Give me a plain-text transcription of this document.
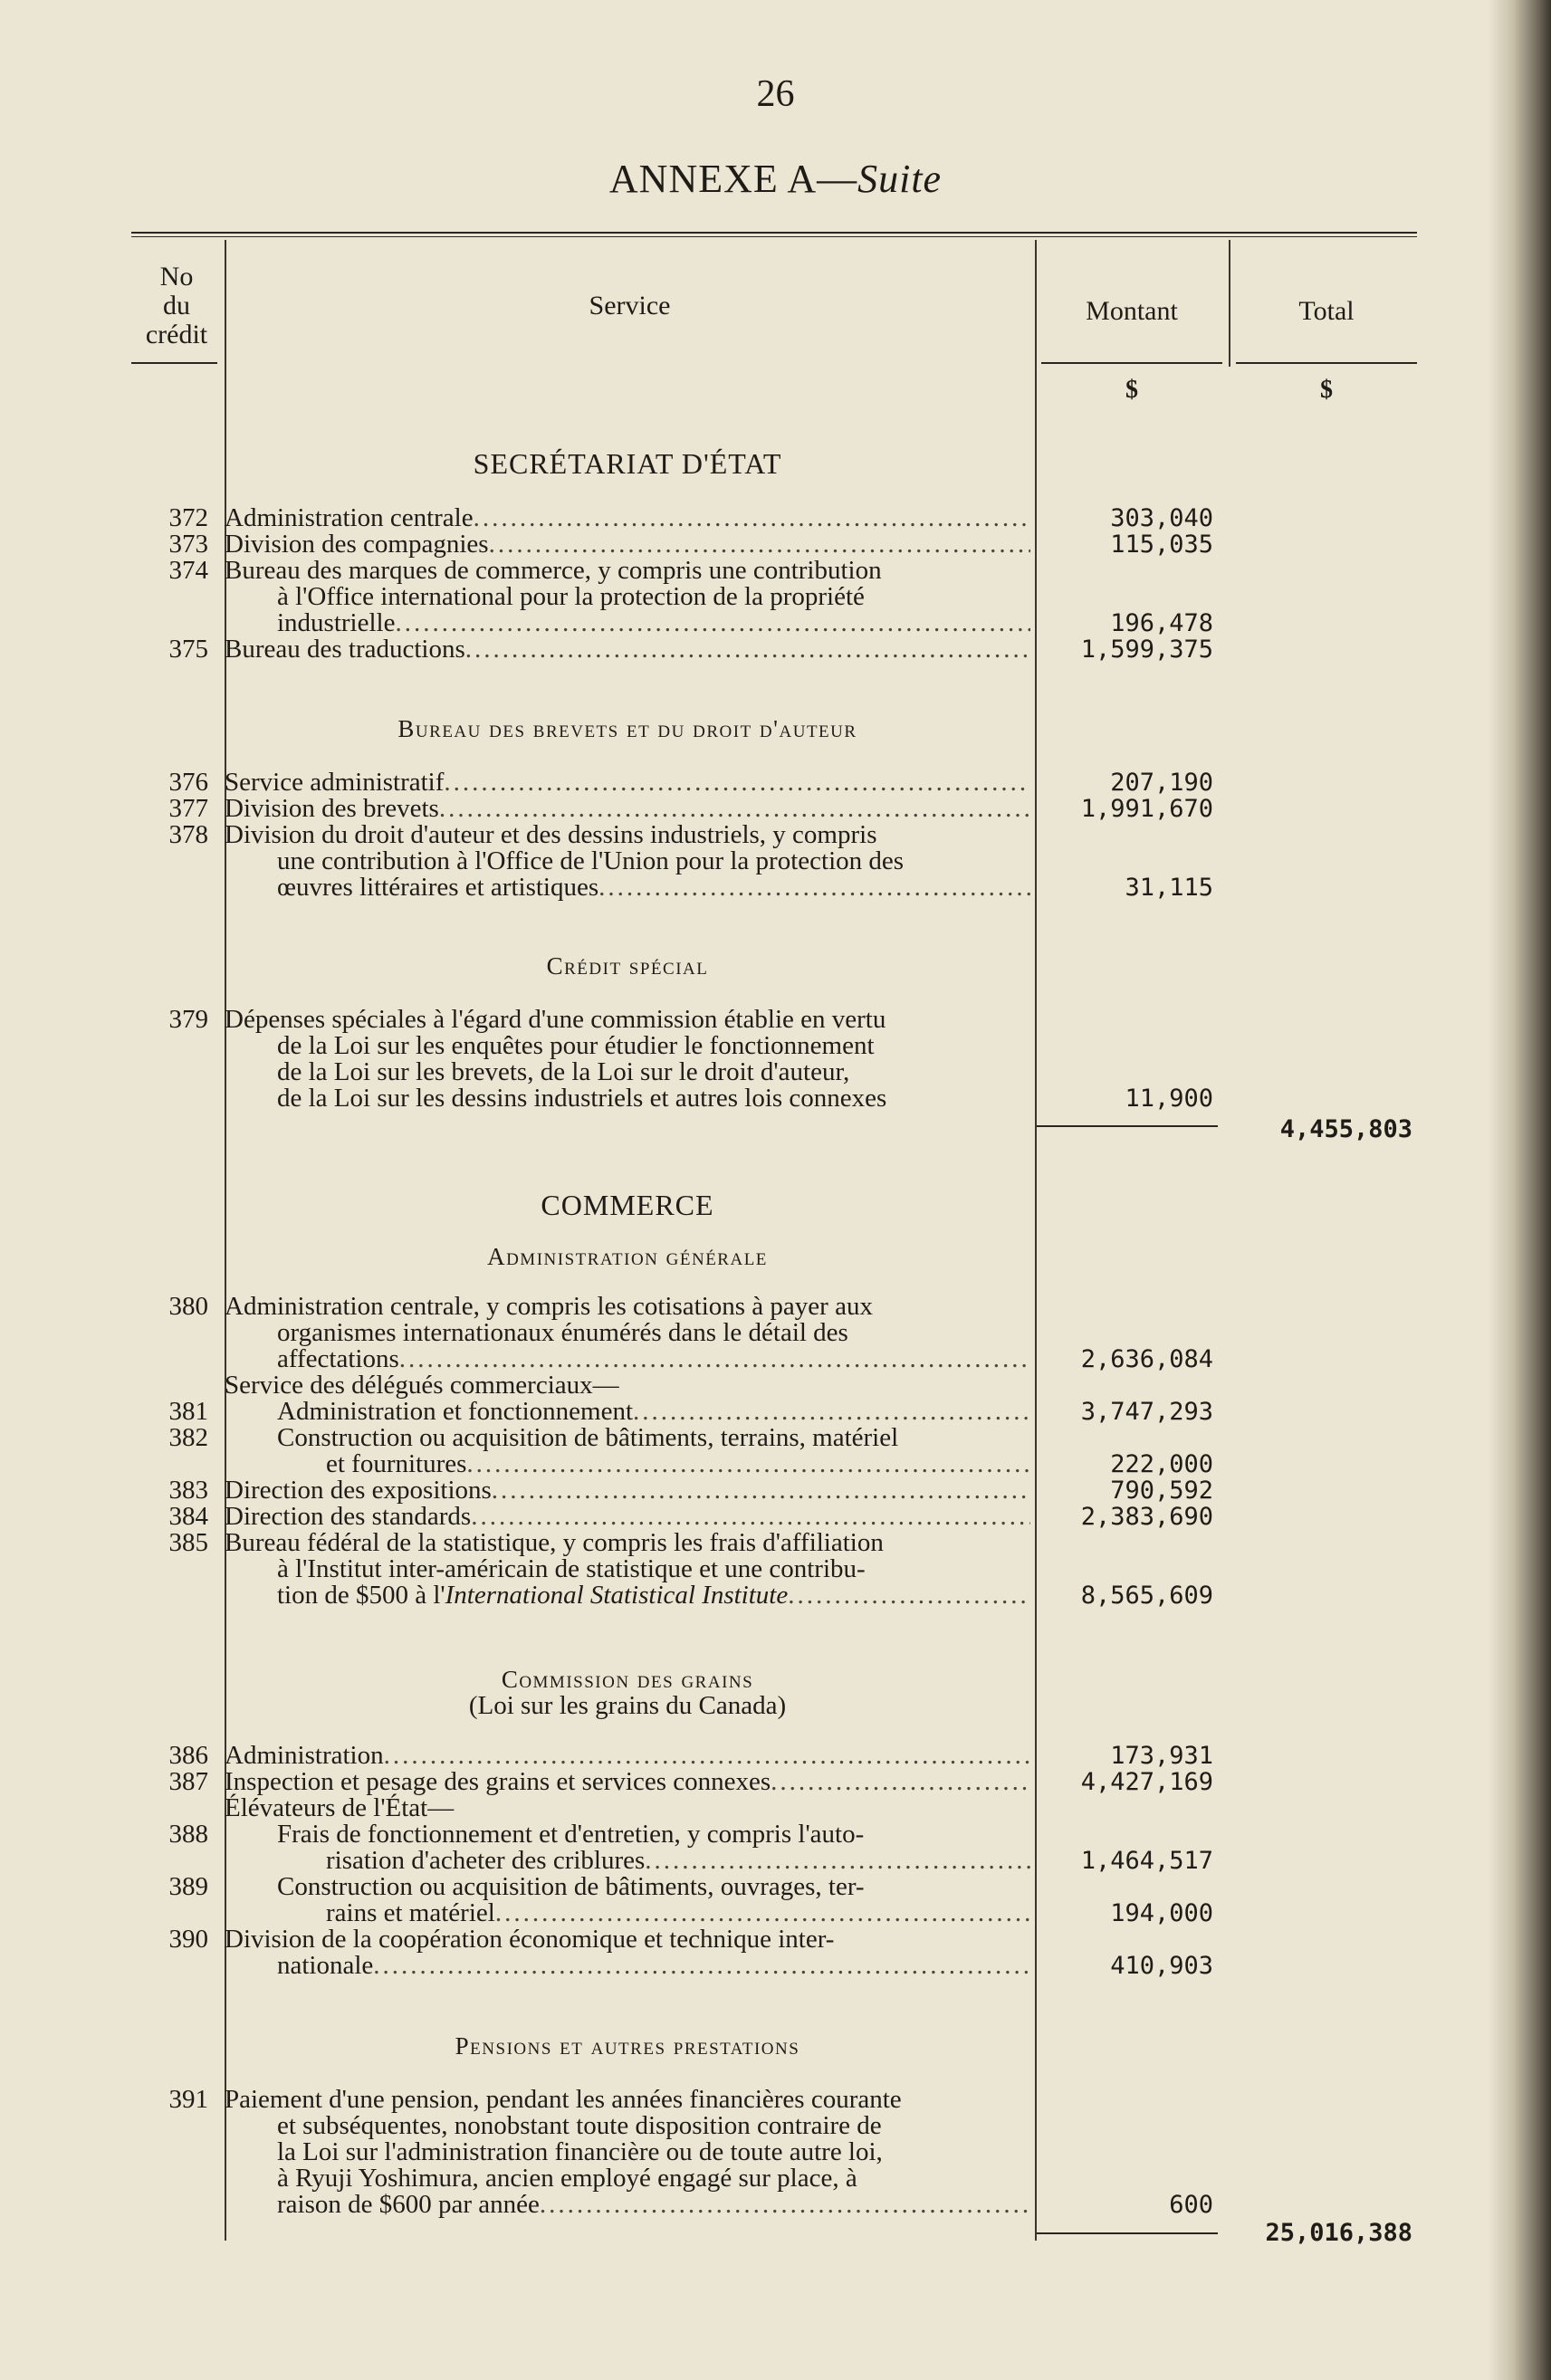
26
ANNEXE A—Suite
No
du
crédit
Service	Montant	Total
$	$
SECRÉTARIAT D'ÉTAT
372 Administration centrale .....	303,040
373 Division des compagnies .....	115,035
374 Bureau des marques de commerce, y compris une contribution
à l'Office international pour la protection de la propriété
industrielle .....	196,478
375 Bureau des traductions .....	1,599,375
Bureau des brevets et du droit d'auteur
376 Service administratif .....	207,190
377 Division des brevets .....	1,991,670
378 Division du droit d'auteur et des dessins industriels, y compris
une contribution à l'Office de l'Union pour la protection des
œuvres littéraires et artistiques .....	31,115
Crédit spécial
379 Dépenses spéciales à l'égard d'une commission établie en vertu
de la Loi sur les enquêtes pour étudier le fonctionnement
de la Loi sur les brevets, de la Loi sur le droit d'auteur,
de la Loi sur les dessins industriels et autres lois connexes	11,900
4,455,803
COMMERCE
Administration générale
380 Administration centrale, y compris les cotisations à payer aux
organismes internationaux énumérés dans le détail des
affectations .....	2,636,084
Service des délégués commerciaux—
381	Administration et fonctionnement .....	3,747,293
382	Construction ou acquisition de bâtiments, terrains, matériel
et fournitures .....	222,000
383 Direction des expositions .....	790,592
384 Direction des standards .....	2,383,690
385 Bureau fédéral de la statistique, y compris les frais d'affiliation
à l'Institut inter-américain de statistique et une contribu-
tion de $500 à l' International Statistical Institute .....	8,565,609
Commission des grains
(Loi sur les grains du Canada)
386 Administration .....	173,931
387 Inspection et pesage des grains et services connexes .....	4,427,169
Élévateurs de l'État—
388	Frais de fonctionnement et d'entretien, y compris l'auto-
risation d'acheter des criblures .....	1,464,517
389	Construction ou acquisition de bâtiments, ouvrages, ter-
rains et matériel .....	194,000
390 Division de la coopération économique et technique inter-
nationale .....	410,903
Pensions et autres prestations
391 Paiement d'une pension, pendant les années financières courante
et subséquentes, nonobstant toute disposition contraire de
la Loi sur l'administration financière ou de toute autre loi,
à Ryuji Yoshimura, ancien employé engagé sur place, à
raison de $600 par année .....	600
25,016,388
